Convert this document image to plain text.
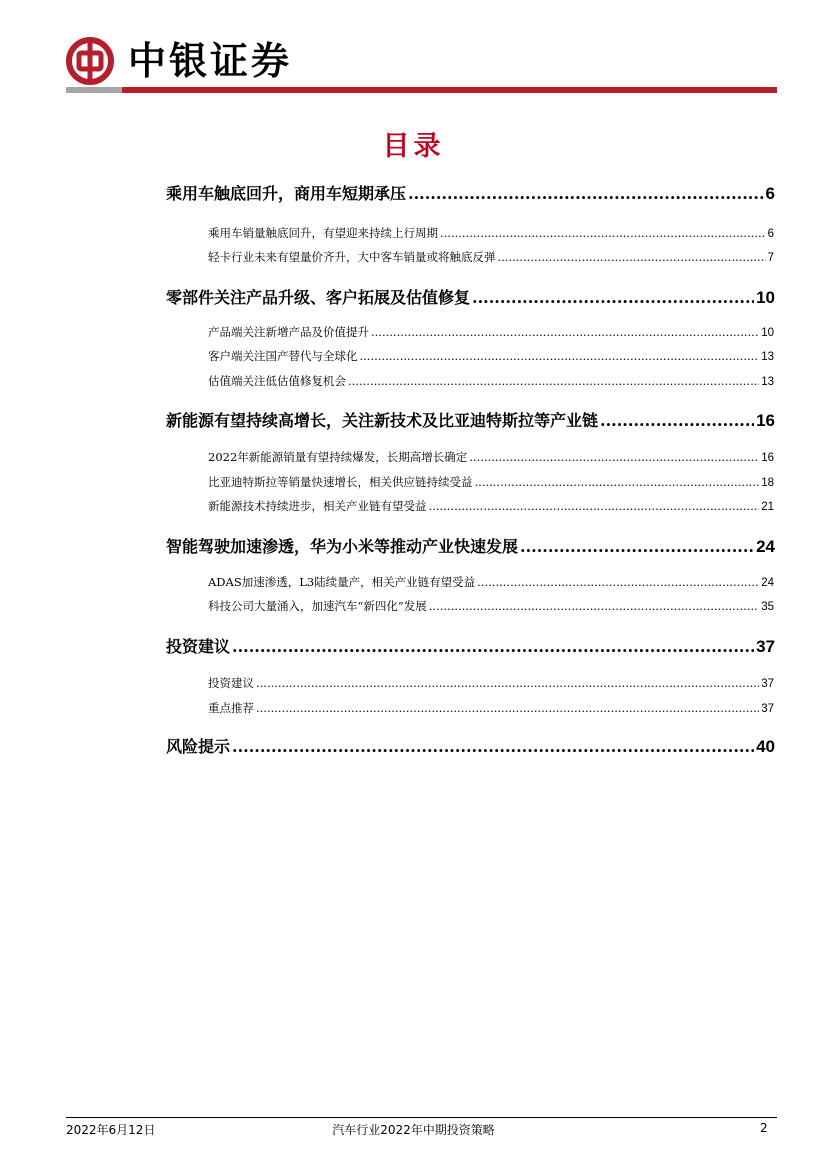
中银证券
目录
乘用车触底回升，商用车短期承压 .....	6
乘用车销量触底回升，有望迎来持续上行周期 .....	6
轻卡行业未来有望量价齐升，大中客车销量或将触底反弹 .....	7
零部件关注产品升级、客户拓展及估值修复 .....	10
产品端关注新增产品及价值提升 .....	10
客户端关注国产替代与全球化 .....	13
估值端关注低估值修复机会 .....	13
新能源有望持续高增长，关注新技术及比亚迪特斯拉等产业链 .....	16
2022年新能源销量有望持续爆发，长期高增长确定 .....	16
比亚迪特斯拉等销量快速增长，相关供应链持续受益 .....	18
新能源技术持续进步，相关产业链有望受益 .....	21
智能驾驶加速渗透，华为小米等推动产业快速发展 .....	24
ADAS加速渗透，L3陆续量产，相关产业链有望受益 .....	24
科技公司大量涌入，加速汽车“新四化”发展 .....	35
投资建议 .....	37
投资建议 .....	37
重点推荐 .....	37
风险提示 .....	40
2022年6月12日	汽车行业2022年中期投资策略	2
